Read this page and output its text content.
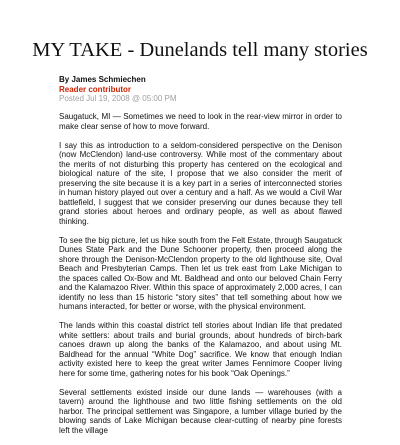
MY TAKE - Dunelands tell many stories
By James Schmiechen
Reader contributor
Posted Jul 19, 2008 @ 05:00 PM

Saugatuck, MI — Sometimes we need to look in the rear-view mirror in order to make clear sense of how to move forward.

I say this as introduction to a seldom-considered perspective on the Denison (now McClendon) land-use controversy. While most of the commentary about the merits of not disturbing this property has centered on the ecological and biological nature of the site, I propose that we also consider the merit of preserving the site because it is a key part in a series of interconnected stories in human history played out over a century and a half. As we would a Civil War battlefield, I suggest that we consider preserving our dunes because they tell grand stories about heroes and ordinary people, as well as about flawed thinking.

To see the big picture, let us hike south from the Felt Estate, through Saugatuck Dunes State Park and the Dune Schooner property, then proceed along the shore through the Denison-McClendon property to the old lighthouse site, Oval Beach and Presbyterian Camps. Then let us trek east from Lake Michigan to the spaces called Ox-Bow and Mt. Baldhead and onto our beloved Chain Ferry and the Kalamazoo River. Within this space of approximately 2,000 acres, I can identify no less than 15 historic “story sites” that tell something about how we humans interacted, for better or worse, with the physical environment.

The lands within this coastal district tell stories about Indian life that predated white settlers: about trails and burial grounds, about hundreds of birch-bark canoes drawn up along the banks of the Kalamazoo, and about using Mt. Baldhead for the annual “White Dog” sacrifice. We know that enough Indian activity existed here to keep the great writer James Fennimore Cooper living here for some time, gathering notes for his book “Oak Openings.”

Several settlements existed inside our dune lands — warehouses (with a tavern) around the lighthouse and two little fishing settlements on the old harbor. The principal settlement was Singapore, a lumber village buried by the blowing sands of Lake Michigan because clear-cutting of nearby pine forests left the village
